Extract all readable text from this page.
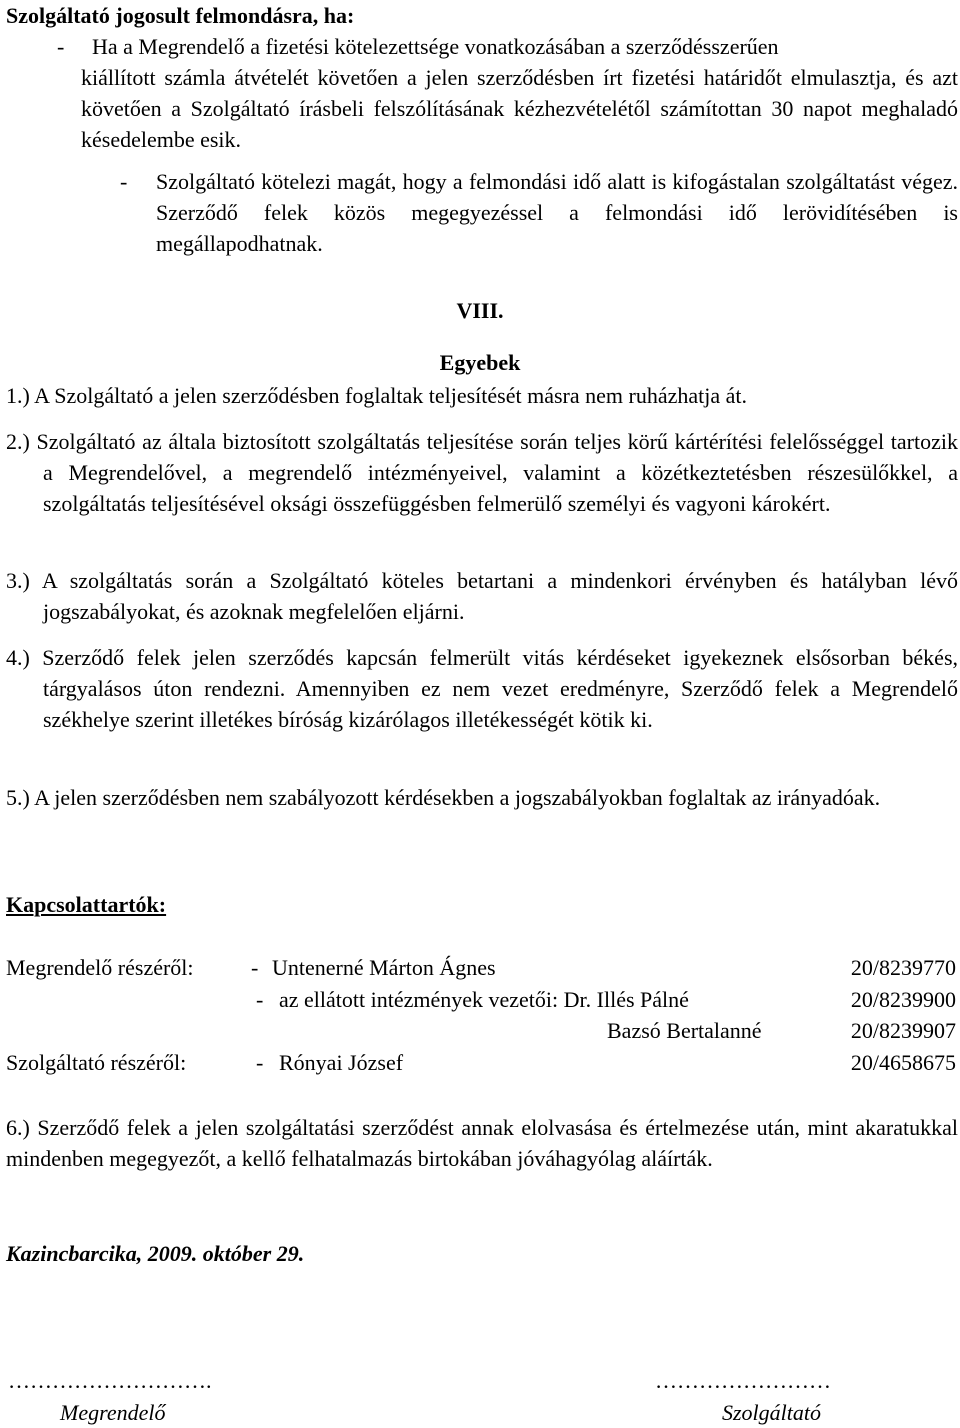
Szolgáltató jogosult felmondásra, ha:
- Ha a Megrendelő a fizetési kötelezettsége vonatkozásában a szerződésszerűen
kiállított számla átvételét követően a jelen szerződésben írt fizetési határidőt elmulasztja, és azt követően a Szolgáltató írásbeli felszólításának kézhezvételétől számítottan 30 napot meghaladó késedelembe esik.
- Szolgáltató kötelezi magát, hogy a felmondási idő alatt is kifogástalan szolgáltatást végez. Szerződő felek közös megegyezéssel a felmondási idő lerövidítésében is megállapodhatnak.
VIII.
Egyebek
1.) A Szolgáltató a jelen szerződésben foglaltak teljesítését másra nem ruházhatja át.
2.) Szolgáltató az általa biztosított szolgáltatás teljesítése során teljes körű kártérítési felelősséggel tartozik a Megrendelővel, a megrendelő intézményeivel, valamint a közétkeztetésben részesülőkkel, a szolgáltatás teljesítésével oksági összefüggésben felmerülő személyi és vagyoni károkért.
3.) A szolgáltatás során a Szolgáltató köteles betartani a mindenkori érvényben és hatályban lévő jogszabályokat, és azoknak megfelelően eljárni.
4.) Szerződő felek jelen szerződés kapcsán felmerült vitás kérdéseket igyekeznek elsősorban békés, tárgyalásos úton rendezni. Amennyiben ez nem vezet eredményre, Szerződő felek a Megrendelő székhelye szerint illetékes bíróság kizárólagos illetékességét kötik ki.
5.) A jelen szerződésben nem szabályozott kérdésekben a jogszabályokban foglaltak az irányadóak.
Kapcsolattartók:
Megrendelő részéről:	- Untenerné Márton Ágnes	20/8239770
- az ellátott intézmények vezetői: Dr. Illés Pálné	20/8239900
Bazsó Bertalanné	20/8239907
Szolgáltató részéről:	- Rónyai József	20/4658675
6.) Szerződő felek a jelen szolgáltatási szerződést annak elolvasása és értelmezése után, mint akaratukkal mindenben megegyezőt, a kellő felhatalmazás birtokában jóváhagyólag aláírták.
Kazincbarcika, 2009. október 29.
……………………….
Megrendelő
……………………
Szolgáltató
